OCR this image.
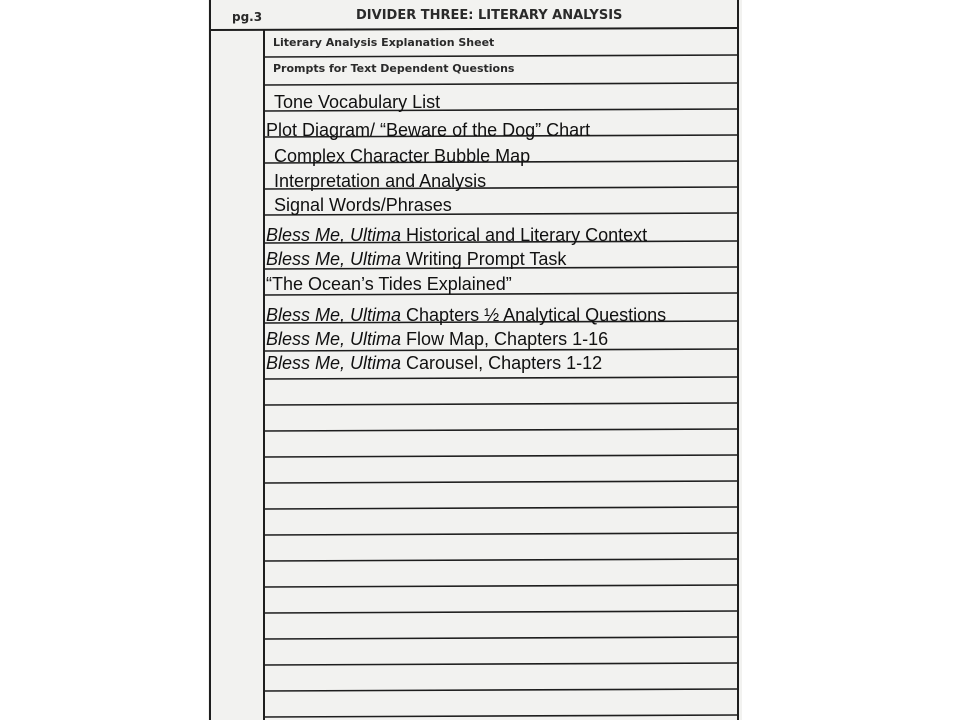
pg.3	DIVIDER THREE: LITERARY ANALYSIS
Literary Analysis Explanation Sheet
Prompts for Text Dependent Questions
Tone Vocabulary List
Plot Diagram/ “Beware of the Dog” Chart
Complex Character Bubble Map
Interpretation and Analysis
Signal Words/Phrases
Bless Me, Ultima Historical and Literary Context
Bless Me, Ultima Writing Prompt Task
“The Ocean’s Tides Explained”
Bless Me, Ultima Chapters ½ Analytical Questions
Bless Me, Ultima Flow Map, Chapters 1-16
Bless Me, Ultima Carousel, Chapters 1-12
